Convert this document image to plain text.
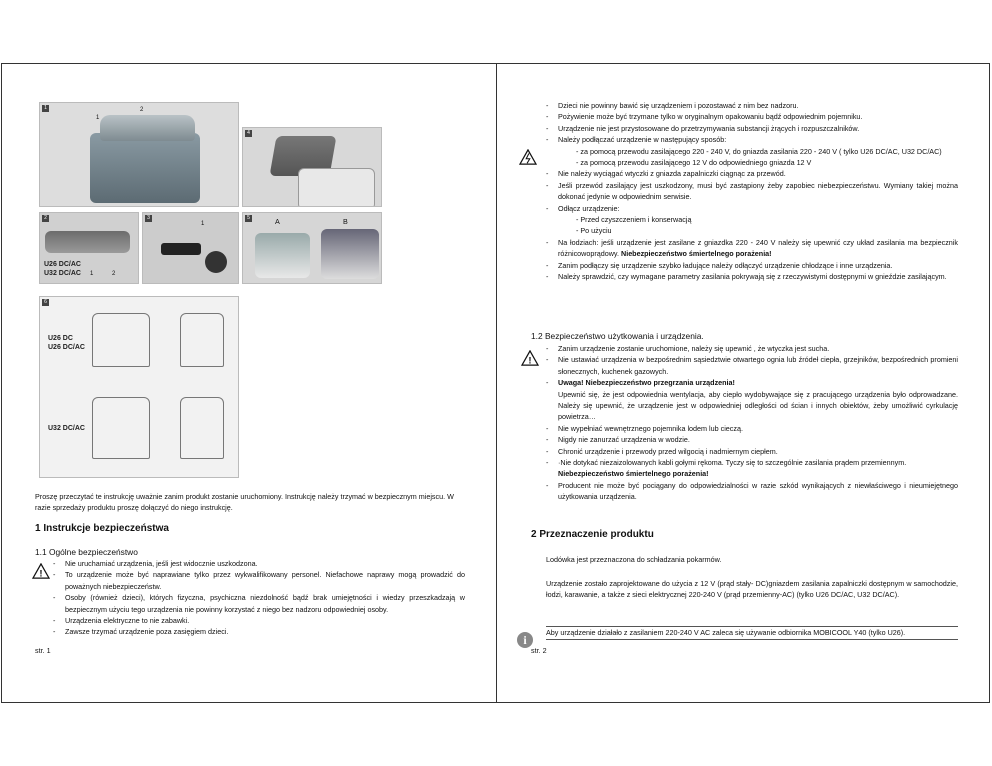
1
1
2
4
2
U26 DC/AC
U32 DC/AC 1	2
3
1
5	A	B
6
U26 DC
U26 DC/AC
U32 DC/AC
Proszę przeczytać te instrukcję uważnie zanim produkt zostanie uruchomiony. Instrukcję należy trzymać w bezpiecznym miejscu. W razie sprzedaży produktu proszę dołączyć do niego instrukcję.
1 Instrukcje bezpieczeństwa
1.1 Ogólne bezpieczeństwo
!
- Nie uruchamiać urządzenia, jeśli jest widocznie uszkodzona.
- To urządzenie może być naprawiane tylko przez wykwalifikowany personel. Niefachowe naprawy mogą prowadzić do poważnych niebezpieczeństw.
- Osoby (również dzieci), których fizyczna, psychiczna niezdolność bądź brak umiejętności i wiedzy przeszkadzają w bezpiecznym użyciu tego urządzenia nie powinny korzystać z niego bez nadzoru odpowiedniej osoby.
- Urządzenia elektryczne to nie zabawki.
- Zawsze trzymać urządzenie poza zasięgiem dzieci.
str. 1
- Dzieci nie powinny bawić się urządzeniem i pozostawać z nim bez nadzoru.
- Pożywienie może być trzymane tylko w oryginalnym opakowaniu bądź odpowiednim pojemniku.
- Urządzenie nie jest przystosowane do przetrzymywania substancji żrących i rozpuszczalników.
- Należy podłączać urządzenie w następujący sposób:
- za pomocą przewodu zasilającego 220 - 240 V, do gniazda zasilania 220 - 240 V ( tylko U26 DC/AC, U32 DC/AC)
- za pomocą przewodu zasilającego 12 V do odpowiedniego gniazda 12 V
- Nie należy wyciągać wtyczki z gniazda zapalniczki ciągnąc za przewód.
- Jeśli przewód zasilający jest uszkodzony, musi być zastąpiony żeby zapobiec niebezpieczeństwu. Wymiany takiej można dokonać jedynie w odpowiednim serwisie.
- Odłącz urządzenie:
- Przed czyszczeniem i konserwacją
- Po użyciu
- Na łodziach: jeśli urządzenie jest zasilane z gniazdka 220 - 240 V należy się upewnić czy układ zasilania ma bezpiecznik różnicowoprądowy. Niebezpieczeństwo śmiertelnego porażenia!
- Zanim podłączy się urządzenie szybko ładujące należy odłączyć urządzenie chłodzące i inne urządzenia.
- Należy sprawdzić, czy wymagane parametry zasilania pokrywają się z rzeczywistymi dostępnymi w gnieździe zasilającym.
1.2 Bezpieczeństwo użytkowania i urządzenia.
!
- Zanim urządzenie zostanie uruchomione, należy się upewnić , że wtyczka jest sucha.
- Nie ustawiać urządzenia w bezpośrednim sąsiedztwie otwartego ognia lub źródeł ciepła, grzejników, bezpośrednich promieni słonecznych, kuchenek gazowych.
- Uwaga! Niebezpieczeństwo przegrzania urządzenia!
Upewnić się, że jest odpowiednia wentylacja, aby ciepło wydobywające się z pracującego urządzenia było odprowadzane. Należy się upewnić, że urządzenie jest w odpowiedniej odległości od ścian i innych obiektów, żeby umożliwić cyrkulację powietrza…
- Nie wypełniać wewnętrznego pojemnika lodem lub cieczą.
- Nigdy nie zanurzać urządzenia w wodzie.
- Chronić urządzenie i przewody przed wilgocią i nadmiernym ciepłem.
- ·Nie dotykać niezaizolowanych kabli gołymi rękoma. Tyczy się to szczególnie zasilania prądem przemiennym.
Niebezpieczeństwo śmiertelnego porażenia!
- Producent nie może być pociągany do odpowiedzialności w razie szkód wynikających z niewłaściwego i nieumiejętnego użytkowania urządzenia.
2 Przeznaczenie produktu
Lodówka jest przeznaczona do schładzania pokarmów.
Urządzenie zostało zaprojektowane do użycia z 12 V (prąd stały- DC)gniazdem zasilania zapalniczki dostępnym w samochodzie, łodzi, karawanie, a także z sieci elektrycznej 220-240 V (prąd przemienny-AC) (tylko U26 DC/AC, U32 DC/AC).
i
Aby urządzenie działało z zasilaniem 220-240 V AC zaleca się używanie odbiornika MOBICOOL Y40 (tylko U26).
str. 2
